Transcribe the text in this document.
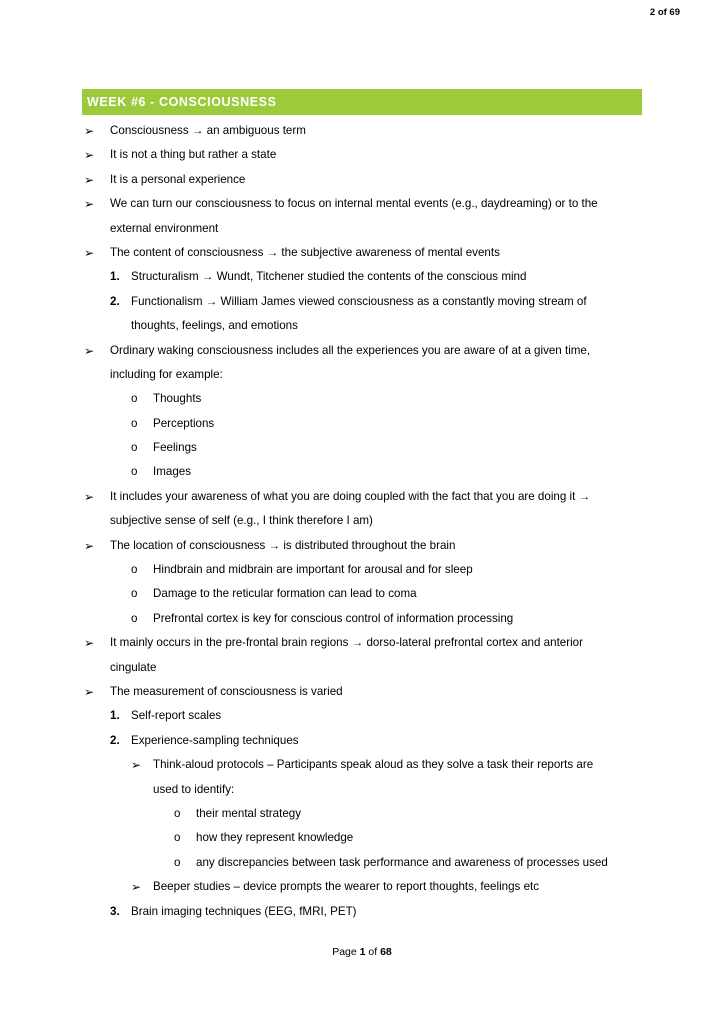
2 of 69
WEEK #6 - CONSCIOUSNESS
➢ Consciousness → an ambiguous term
➢ It is not a thing but rather a state
➢ It is a personal experience
➢ We can turn our consciousness to focus on internal mental events (e.g., daydreaming) or to the
external environment
➢ The content of consciousness → the subjective awareness of mental events
1. Structuralism → Wundt, Titchener studied the contents of the conscious mind
2. Functionalism → William James viewed consciousness as a constantly moving stream of
thoughts, feelings, and emotions
➢ Ordinary waking consciousness includes all the experiences you are aware of at a given time,
including for example:
o Thoughts
o Perceptions
o Feelings
o Images
➢ It includes your awareness of what you are doing coupled with the fact that you are doing it →
subjective sense of self (e.g., I think therefore I am)
➢ The location of consciousness → is distributed throughout the brain
o Hindbrain and midbrain are important for arousal and for sleep
o Damage to the reticular formation can lead to coma
o Prefrontal cortex is key for conscious control of information processing
➢ It mainly occurs in the pre-frontal brain regions → dorso-lateral prefrontal cortex and anterior
cingulate
➢ The measurement of consciousness is varied
1. Self-report scales
2. Experience-sampling techniques
➢ Think-aloud protocols – Participants speak aloud as they solve a task their reports are
used to identify:
o their mental strategy
o how they represent knowledge
o any discrepancies between task performance and awareness of processes used
➢ Beeper studies – device prompts the wearer to report thoughts, feelings etc
3. Brain imaging techniques (EEG, fMRI, PET)
Page 1 of 68
